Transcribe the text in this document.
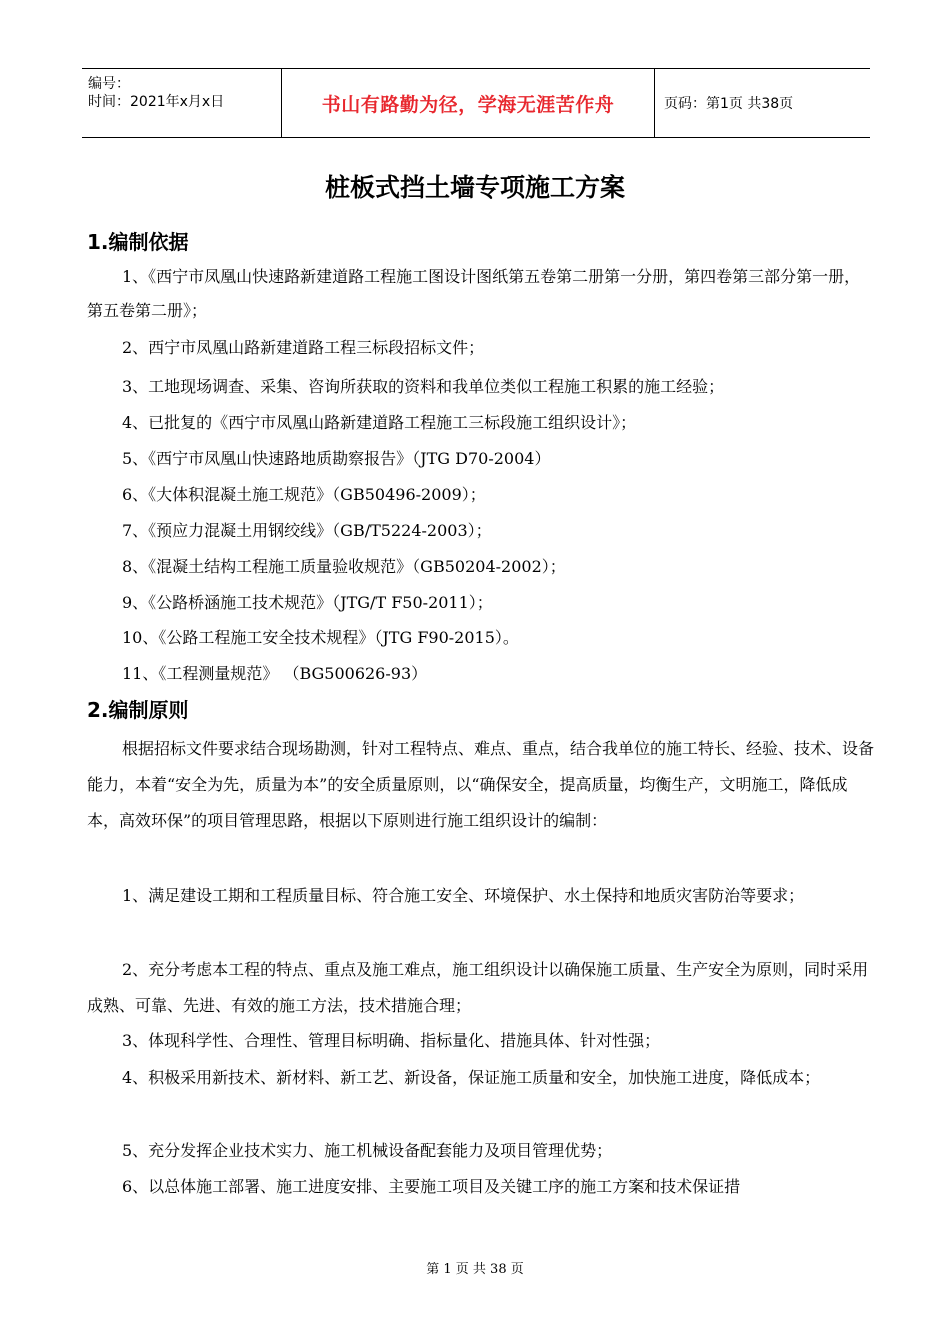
编号：
时间：2021年x月x日	书山有路勤为径，学海无涯苦作舟	页码：第1页 共38页
桩板式挡土墙专项施工方案
1.编制依据
1、《西宁市凤凰山快速路新建道路工程施工图设计图纸第五卷第二册第一分册，第四卷第三部分第一册，第五卷第二册》；
2、西宁市凤凰山路新建道路工程三标段招标文件；
3、工地现场调查、采集、咨询所获取的资料和我单位类似工程施工积累的施工经验；
4、已批复的《西宁市凤凰山路新建道路工程施工三标段施工组织设计》；
5、《西宁市凤凰山快速路地质勘察报告》（JTG D70-2004）
6、《大体积混凝土施工规范》（GB50496-2009）；
7、《预应力混凝土用钢绞线》（GB/T5224-2003）；
8、《混凝土结构工程施工质量验收规范》（GB50204-2002）；
9、《公路桥涵施工技术规范》（JTG/T F50-2011）；
10、《公路工程施工安全技术规程》（JTG F90-2015）。
11、《工程测量规范》 （BG500626-93）
2.编制原则
根据招标文件要求结合现场勘测，针对工程特点、难点、重点，结合我单位的施工特长、经验、技术、设备能力，本着“安全为先，质量为本”的安全质量原则，以“确保安全，提高质量，均衡生产，文明施工，降低成本，高效环保”的项目管理思路，根据以下原则进行施工组织设计的编制：
1、满足建设工期和工程质量目标、符合施工安全、环境保护、水土保持和地质灾害防治等要求；
2、充分考虑本工程的特点、重点及施工难点，施工组织设计以确保施工质量、生产安全为原则，同时采用成熟、可靠、先进、有效的施工方法，技术措施合理；
3、体现科学性、合理性、管理目标明确、指标量化、措施具体、针对性强；
4、积极采用新技术、新材料、新工艺、新设备，保证施工质量和安全，加快施工进度，降低成本；
5、充分发挥企业技术实力、施工机械设备配套能力及项目管理优势；
6、以总体施工部署、施工进度安排、主要施工项目及关键工序的施工方案和技术保证措
第 1 页 共 38 页
